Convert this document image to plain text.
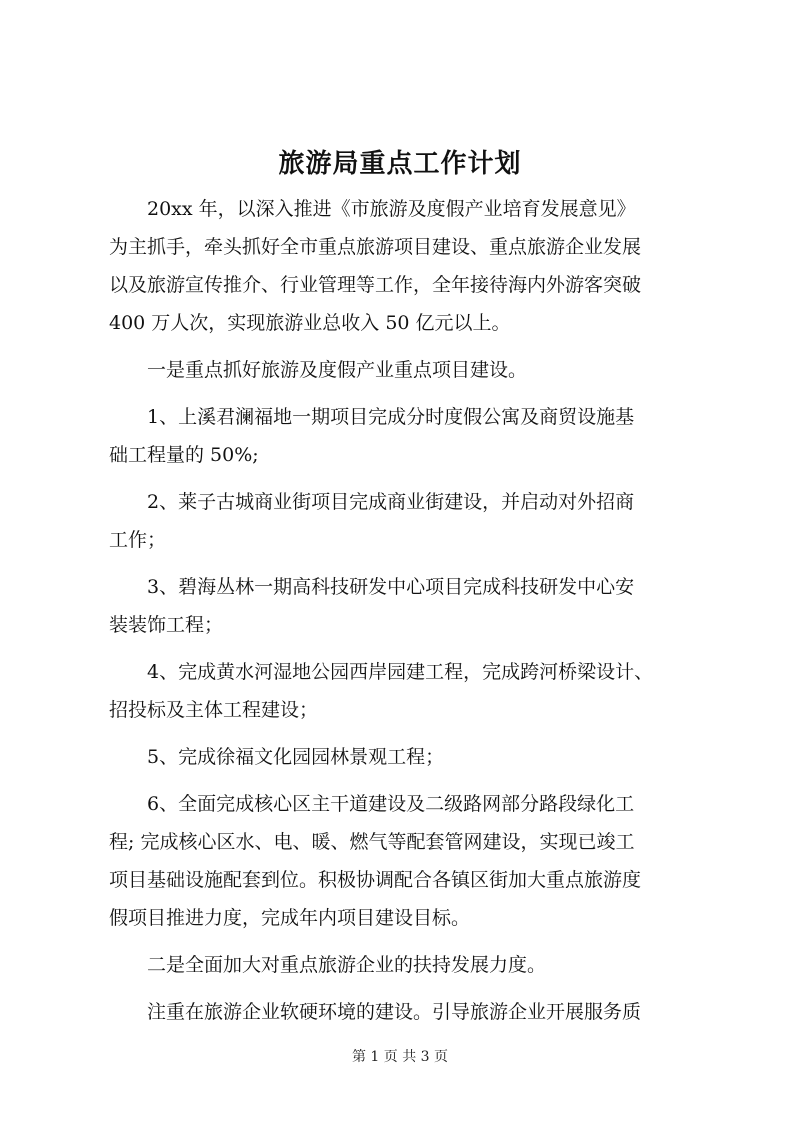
旅游局重点工作计划

20xx 年，以深入推进《市旅游及度假产业培育发展意见》
为主抓手，牵头抓好全市重点旅游项目建设、重点旅游企业发展
以及旅游宣传推介、行业管理等工作，全年接待海内外游客突破
400 万人次，实现旅游业总收入 50 亿元以上。

一是重点抓好旅游及度假产业重点项目建设。

1、上溪君澜福地一期项目完成分时度假公寓及商贸设施基
础工程量的 50%;

2、莱子古城商业街项目完成商业街建设，并启动对外招商
工作；

3、碧海丛林一期高科技研发中心项目完成科技研发中心安
装装饰工程；

4、完成黄水河湿地公园西岸园建工程，完成跨河桥梁设计、
招投标及主体工程建设；

5、完成徐福文化园园林景观工程；

6、全面完成核心区主干道建设及二级路网部分路段绿化工
程; 完成核心区水、电、暖、燃气等配套管网建设，实现已竣工
项目基础设施配套到位。积极协调配合各镇区街加大重点旅游度
假项目推进力度，完成年内项目建设目标。

二是全面加大对重点旅游企业的扶持发展力度。

注重在旅游企业软硬环境的建设。引导旅游企业开展服务质

第 1 页 共 3 页
